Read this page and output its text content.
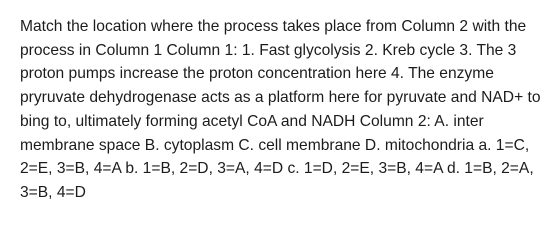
Match the location where the process takes place from Column 2 with the process in Column 1 Column 1: 1. Fast glycolysis 2. Kreb cycle 3. The 3 proton pumps increase the proton concentration here 4. The enzyme pryruvate dehydrogenase acts as a platform here for pyruvate and NAD+ to bing to, ultimately forming acetyl CoA and NADH Column 2: A. inter membrane space B. cytoplasm C. cell membrane D. mitochondria a. 1=C, 2=E, 3=B, 4=A b. 1=B, 2=D, 3=A, 4=D c. 1=D, 2=E, 3=B, 4=A d. 1=B, 2=A, 3=B, 4=D
